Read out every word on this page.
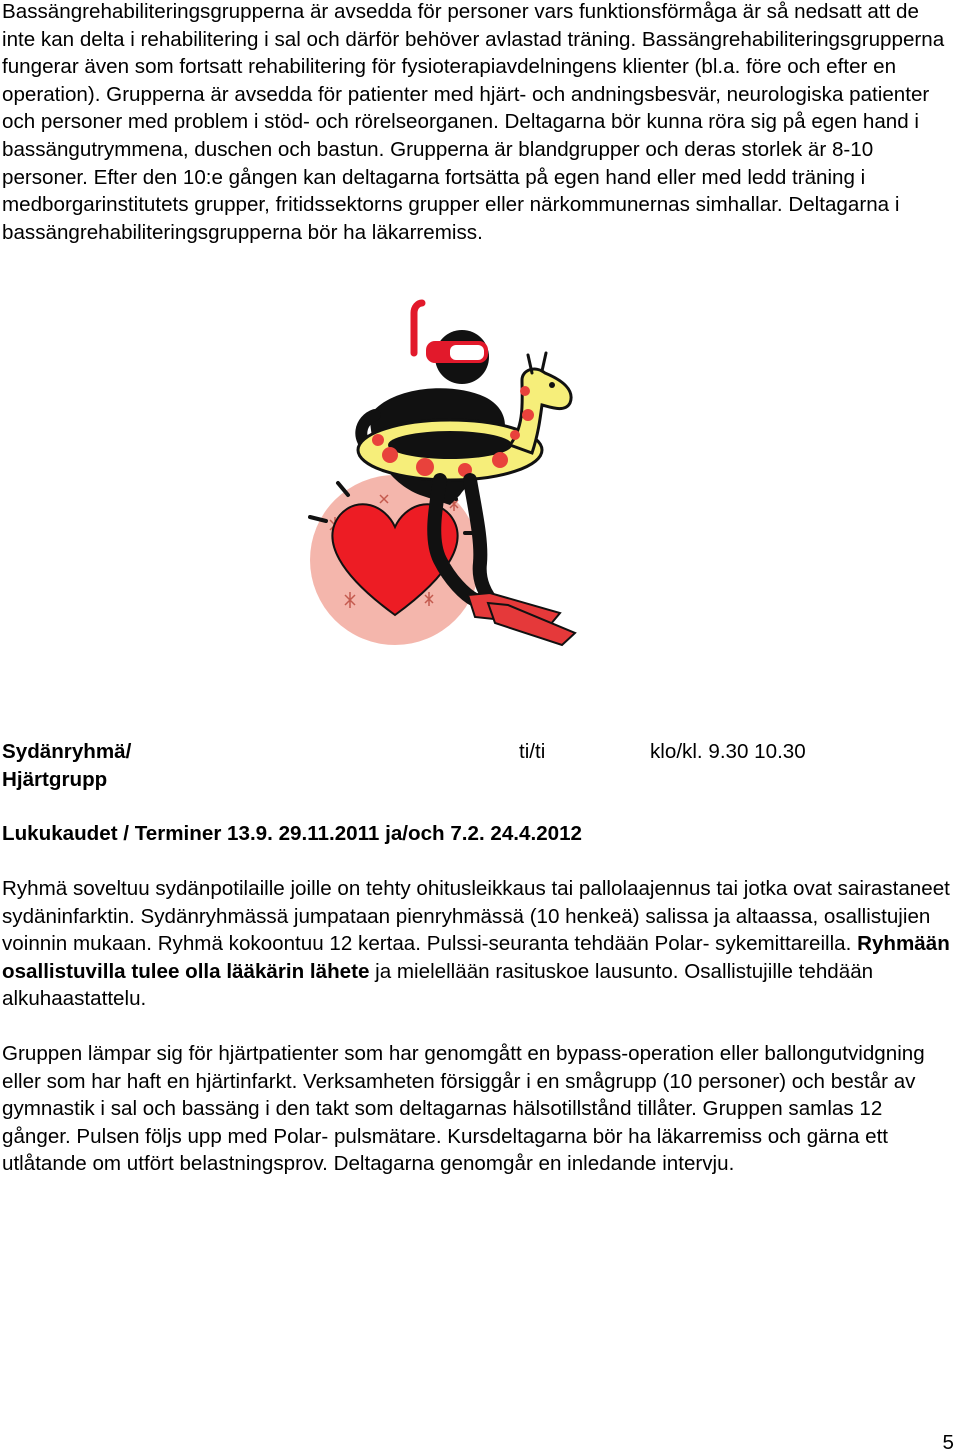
Bassängrehabiliteringsgrupperna är avsedda för personer vars funktionsförmåga är så nedsatt att de inte kan delta i rehabilitering i sal och därför behöver avlastad träning. Bassängrehabiliteringsgrupperna fungerar även som fortsatt rehabilitering för fysioterapiavdelningens klienter (bl.a. före och efter en operation). Grupperna är avsedda för patienter med hjärt- och andningsbesvär, neurologiska patienter och personer med problem i stöd- och rörelseorganen. Deltagarna bör kunna röra sig på egen hand i bassängutrymmena, duschen och bastun. Grupperna är blandgrupper och deras storlek är 8-10 personer. Efter den 10:e gången kan deltagarna fortsätta på egen hand eller med ledd träning i medborgarinstitutets grupper, fritidssektorns grupper eller närkommunernas simhallar. Deltagarna i bassängrehabiliteringsgrupperna bör ha läkarremiss.

Sydänryhmä/
Hjärtgrupp
ti/ti	klo/kl. 9.30 10.30
Lukukaudet / Terminer 13.9. 29.11.2011 ja/och 7.2. 24.4.2012

Ryhmä soveltuu sydänpotilaille joille on tehty ohitusleikkaus tai pallolaajennus tai jotka ovat sairastaneet sydäninfarktin. Sydänryhmässä jumpataan pienryhmässä (10 henkeä) salissa ja altaassa, osallistujien voinnin mukaan. Ryhmä kokoontuu 12 kertaa. Pulssi-seuranta tehdään Polar- sykemittareilla. Ryhmään osallistuvilla tulee olla lääkärin lähete ja mielellään rasituskoe lausunto. Osallistujille tehdään alkuhaastattelu.

Gruppen lämpar sig för hjärtpatienter som har genomgått en bypass-operation eller ballongutvidgning eller som har haft en hjärtinfarkt. Verksamheten försiggår i en smågrupp (10 personer) och består av gymnastik i sal och bassäng i den takt som deltagarnas hälsotillstånd tillåter. Gruppen samlas 12 gånger. Pulsen följs upp med Polar- pulsmätare. Kursdeltagarna bör ha läkarremiss och gärna ett utlåtande om utfört belastningsprov. Deltagarna genomgår en inledande intervju.

5
